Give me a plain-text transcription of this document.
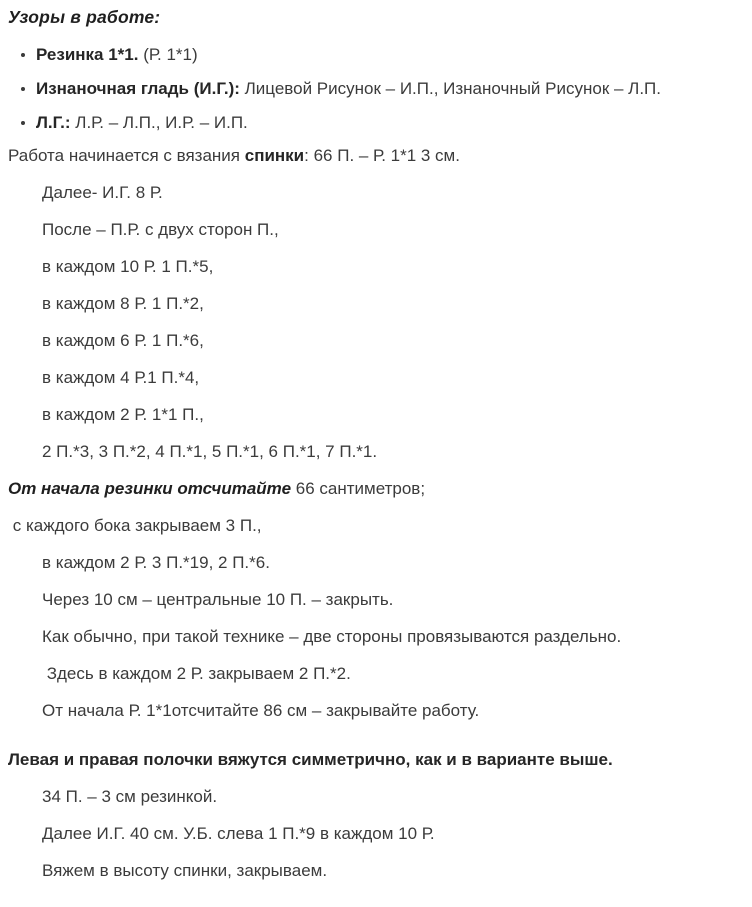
Узоры в работе:
Резинка 1*1. (Р. 1*1)
Изнаночная гладь (И.Г.): Лицевой Рисунок – И.П., Изнаночный Рисунок – Л.П.
Л.Г.: Л.Р. – Л.П., И.Р. – И.П.

Работа начинается с вязания спинки: 66 П. – Р. 1*1 3 см.

Далее- И.Г. 8 Р.

После – П.Р. с двух сторон П.,

в каждом 10 Р. 1 П.*5,

в каждом 8 Р. 1 П.*2,

в каждом 6 Р. 1 П.*6,

в каждом 4 Р.1 П.*4,

в каждом 2 Р. 1*1 П.,

2 П.*3, 3 П.*2, 4 П.*1, 5 П.*1, 6 П.*1, 7 П.*1.

От начала резинки отсчитайте 66 сантиметров;

с каждого бока закрываем 3 П.,

в каждом 2 Р. 3 П.*19, 2 П.*6.

Через 10 см – центральные 10 П. – закрыть.

Как обычно, при такой технике – две стороны провязываются раздельно.

Здесь в каждом 2 Р. закрываем 2 П.*2.

От начала Р. 1*1отсчитайте 86 см – закрывайте работу.

Левая и правая полочки вяжутся симметрично, как и в варианте выше.

34 П. – 3 см резинкой.

Далее И.Г. 40 см. У.Б. слева 1 П.*9 в каждом 10 Р.

Вяжем в высоту спинки, закрываем.
